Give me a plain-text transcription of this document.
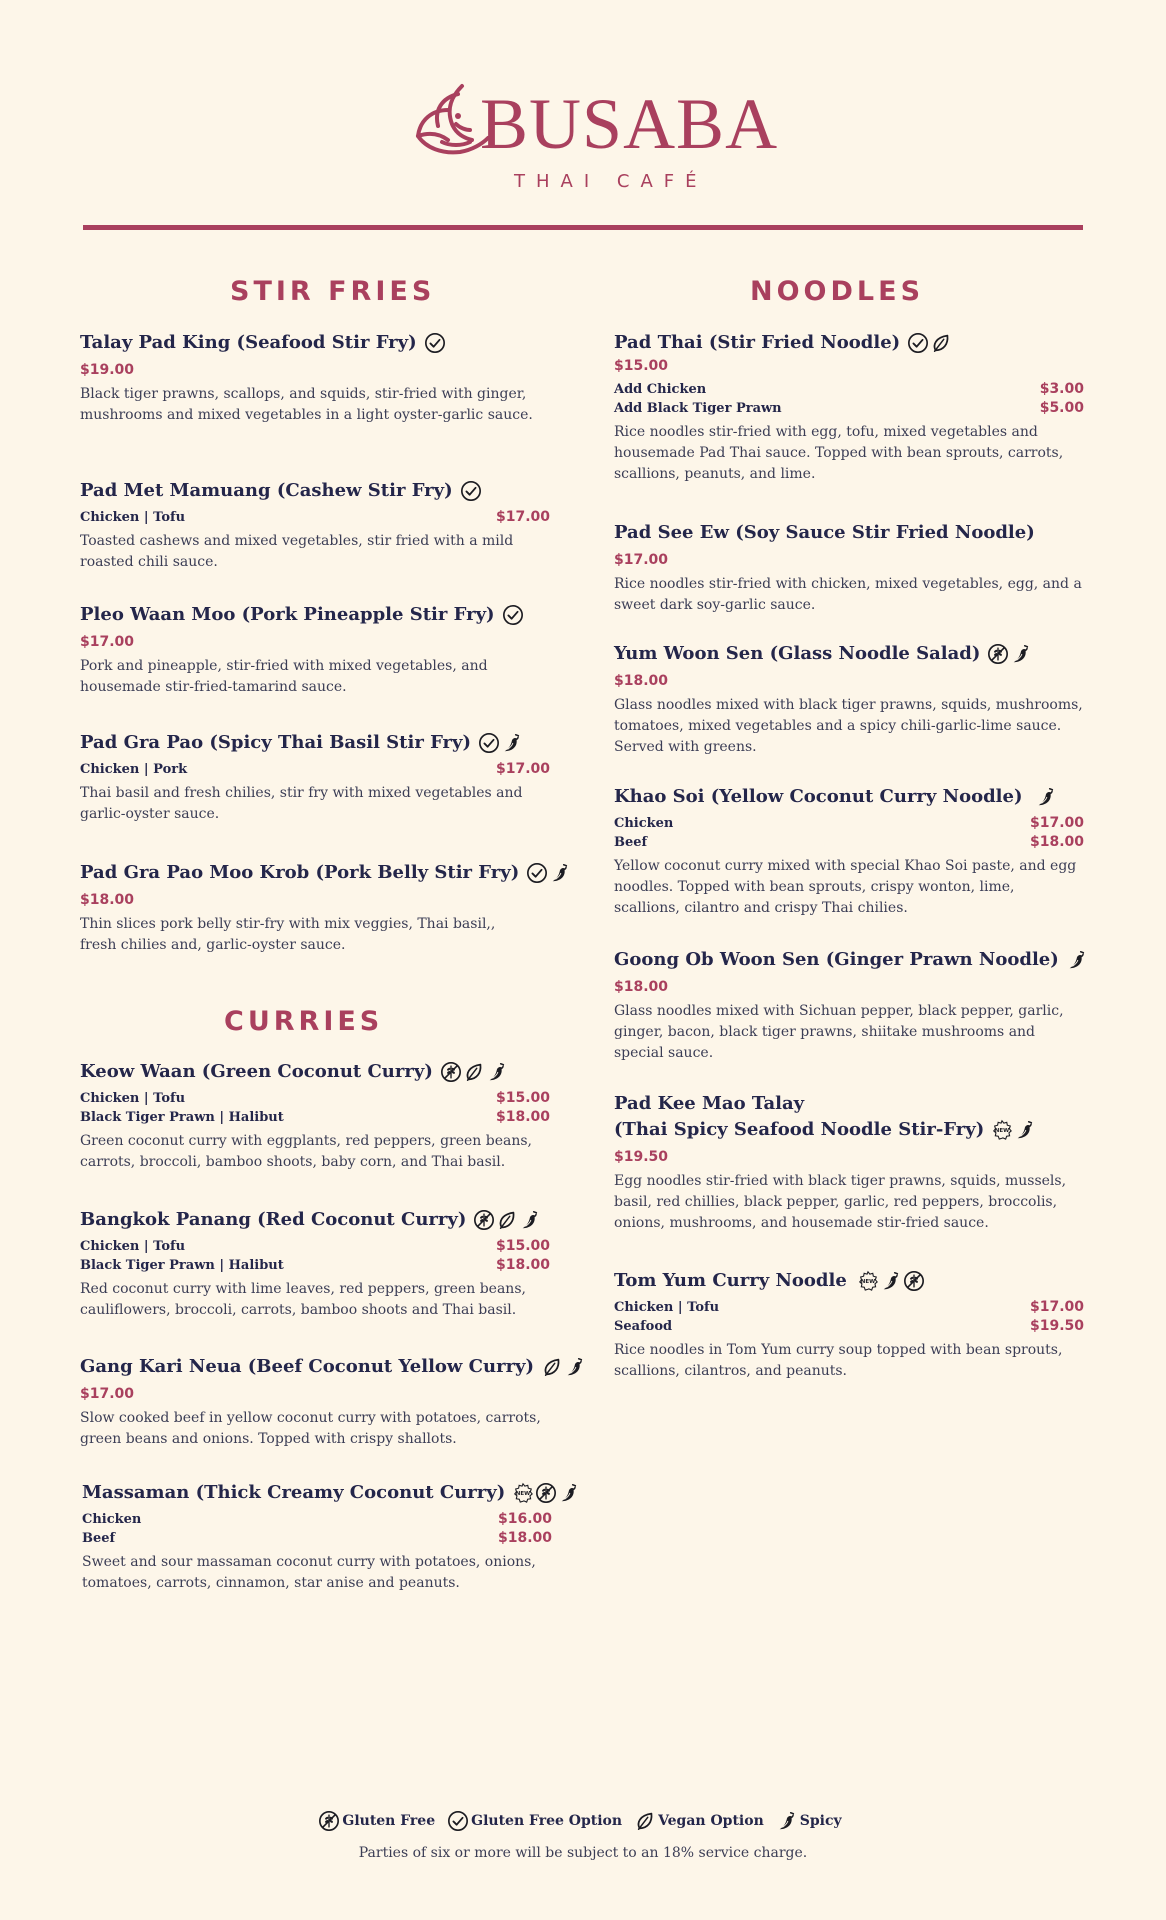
BUSABA
THAI CAFÉ
STIR FRIES
Talay Pad King (Seafood Stir Fry)
$19.00
Black tiger prawns, scallops, and squids, stir-fried with ginger, mushrooms and mixed vegetables in a light oyster-garlic sauce.
Pad Met Mamuang (Cashew Stir Fry)
Chicken | Tofu	$17.00
Toasted cashews and mixed vegetables, stir fried with a mild roasted chili sauce.
Pleo Waan Moo (Pork Pineapple Stir Fry)
$17.00
Pork and pineapple, stir-fried with mixed vegetables, and housemade stir-fried-tamarind sauce.
Pad Gra Pao (Spicy Thai Basil Stir Fry)
Chicken | Pork	$17.00
Thai basil and fresh chilies, stir fry with mixed vegetables and garlic-oyster sauce.
Pad Gra Pao Moo Krob (Pork Belly Stir Fry)
$18.00
Thin slices pork belly stir-fry with mix veggies, Thai basil,, fresh chilies and, garlic-oyster sauce.
CURRIES
Keow Waan (Green Coconut Curry)
Chicken | Tofu	$15.00
Black Tiger Prawn | Halibut	$18.00
Green coconut curry with eggplants, red peppers, green beans, carrots, broccoli, bamboo shoots, baby corn, and Thai basil.
Bangkok Panang (Red Coconut Curry)
Chicken | Tofu	$15.00
Black Tiger Prawn | Halibut	$18.00
Red coconut curry with lime leaves, red peppers, green beans, cauliflowers, broccoli, carrots, bamboo shoots and Thai basil.
Gang Kari Neua (Beef Coconut Yellow Curry)
$17.00
Slow cooked beef in yellow coconut curry with potatoes, carrots, green beans and onions. Topped with crispy shallots.
Massaman (Thick Creamy Coconut Curry) NEW
Chicken	$16.00
Beef	$18.00
Sweet and sour massaman coconut curry with potatoes, onions, tomatoes, carrots, cinnamon, star anise and peanuts.
NOODLES
Pad Thai (Stir Fried Noodle)
$15.00
Add Chicken	$3.00
Add Black Tiger Prawn	$5.00
Rice noodles stir-fried with egg, tofu, mixed vegetables and housemade Pad Thai sauce. Topped with bean sprouts, carrots, scallions, peanuts, and lime.
Pad See Ew (Soy Sauce Stir Fried Noodle)
$17.00
Rice noodles stir-fried with chicken, mixed vegetables, egg, and a sweet dark soy-garlic sauce.
Yum Woon Sen (Glass Noodle Salad)
$18.00
Glass noodles mixed with black tiger prawns, squids, mushrooms, tomatoes, mixed vegetables and a spicy chili-garlic-lime sauce. Served with greens.
Khao Soi (Yellow Coconut Curry Noodle)
Chicken	$17.00
Beef	$18.00
Yellow coconut curry mixed with special Khao Soi paste, and egg noodles. Topped with bean sprouts, crispy wonton, lime, scallions, cilantro and crispy Thai chilies.
Goong Ob Woon Sen (Ginger Prawn Noodle)
$18.00
Glass noodles mixed with Sichuan pepper, black pepper, garlic, ginger, bacon, black tiger prawns, shiitake mushrooms and special sauce.
Pad Kee Mao Talay
(Thai Spicy Seafood Noodle Stir-Fry) NEW
$19.50
Egg noodles stir-fried with black tiger prawns, squids, mussels, basil, red chillies, black pepper, garlic, red peppers, broccolis, onions, mushrooms, and housemade stir-fried sauce.
Tom Yum Curry Noodle NEW
Chicken | Tofu	$17.00
Seafood	$19.50
Rice noodles in Tom Yum curry soup topped with bean sprouts, scallions, cilantros, and peanuts.
Gluten Free	Gluten Free Option	Vegan Option	Spicy
Parties of six or more will be subject to an 18% service charge.
